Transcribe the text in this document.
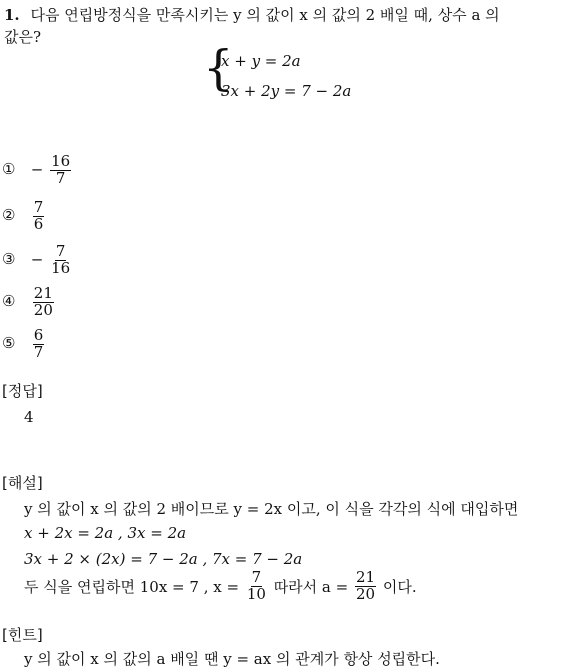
1. 다음 연립방정식을 만족시키는 y 의 값이 x 의 값의 2 배일 때, 상수 a 의
값은?
{
x + y = 2a
3x + 2y = 7 − 2a
① − $\frac{16}{7}$
② $\frac{7}{6}$
③ − $\frac{7}{16}$
④ $\frac{21}{20}$
⑤ $\frac{6}{7}$
[정답]
4
[해설]
y 의 값이 x 의 값의 2 배이므로 y = 2x 이고, 이 식을 각각의 식에 대입하면
x + 2x = 2a , 3x = 2a
3x + 2 × (2x) = 7 − 2a , 7x = 7 − 2a
두 식을 연립하면 10x = 7 , $x = \frac{7}{10}$ 따라서 $a = \frac{21}{20}$ 이다.
[힌트]
y 의 값이 x 의 값의 a 배일 땐 y = ax 의 관계가 항상 성립한다.
